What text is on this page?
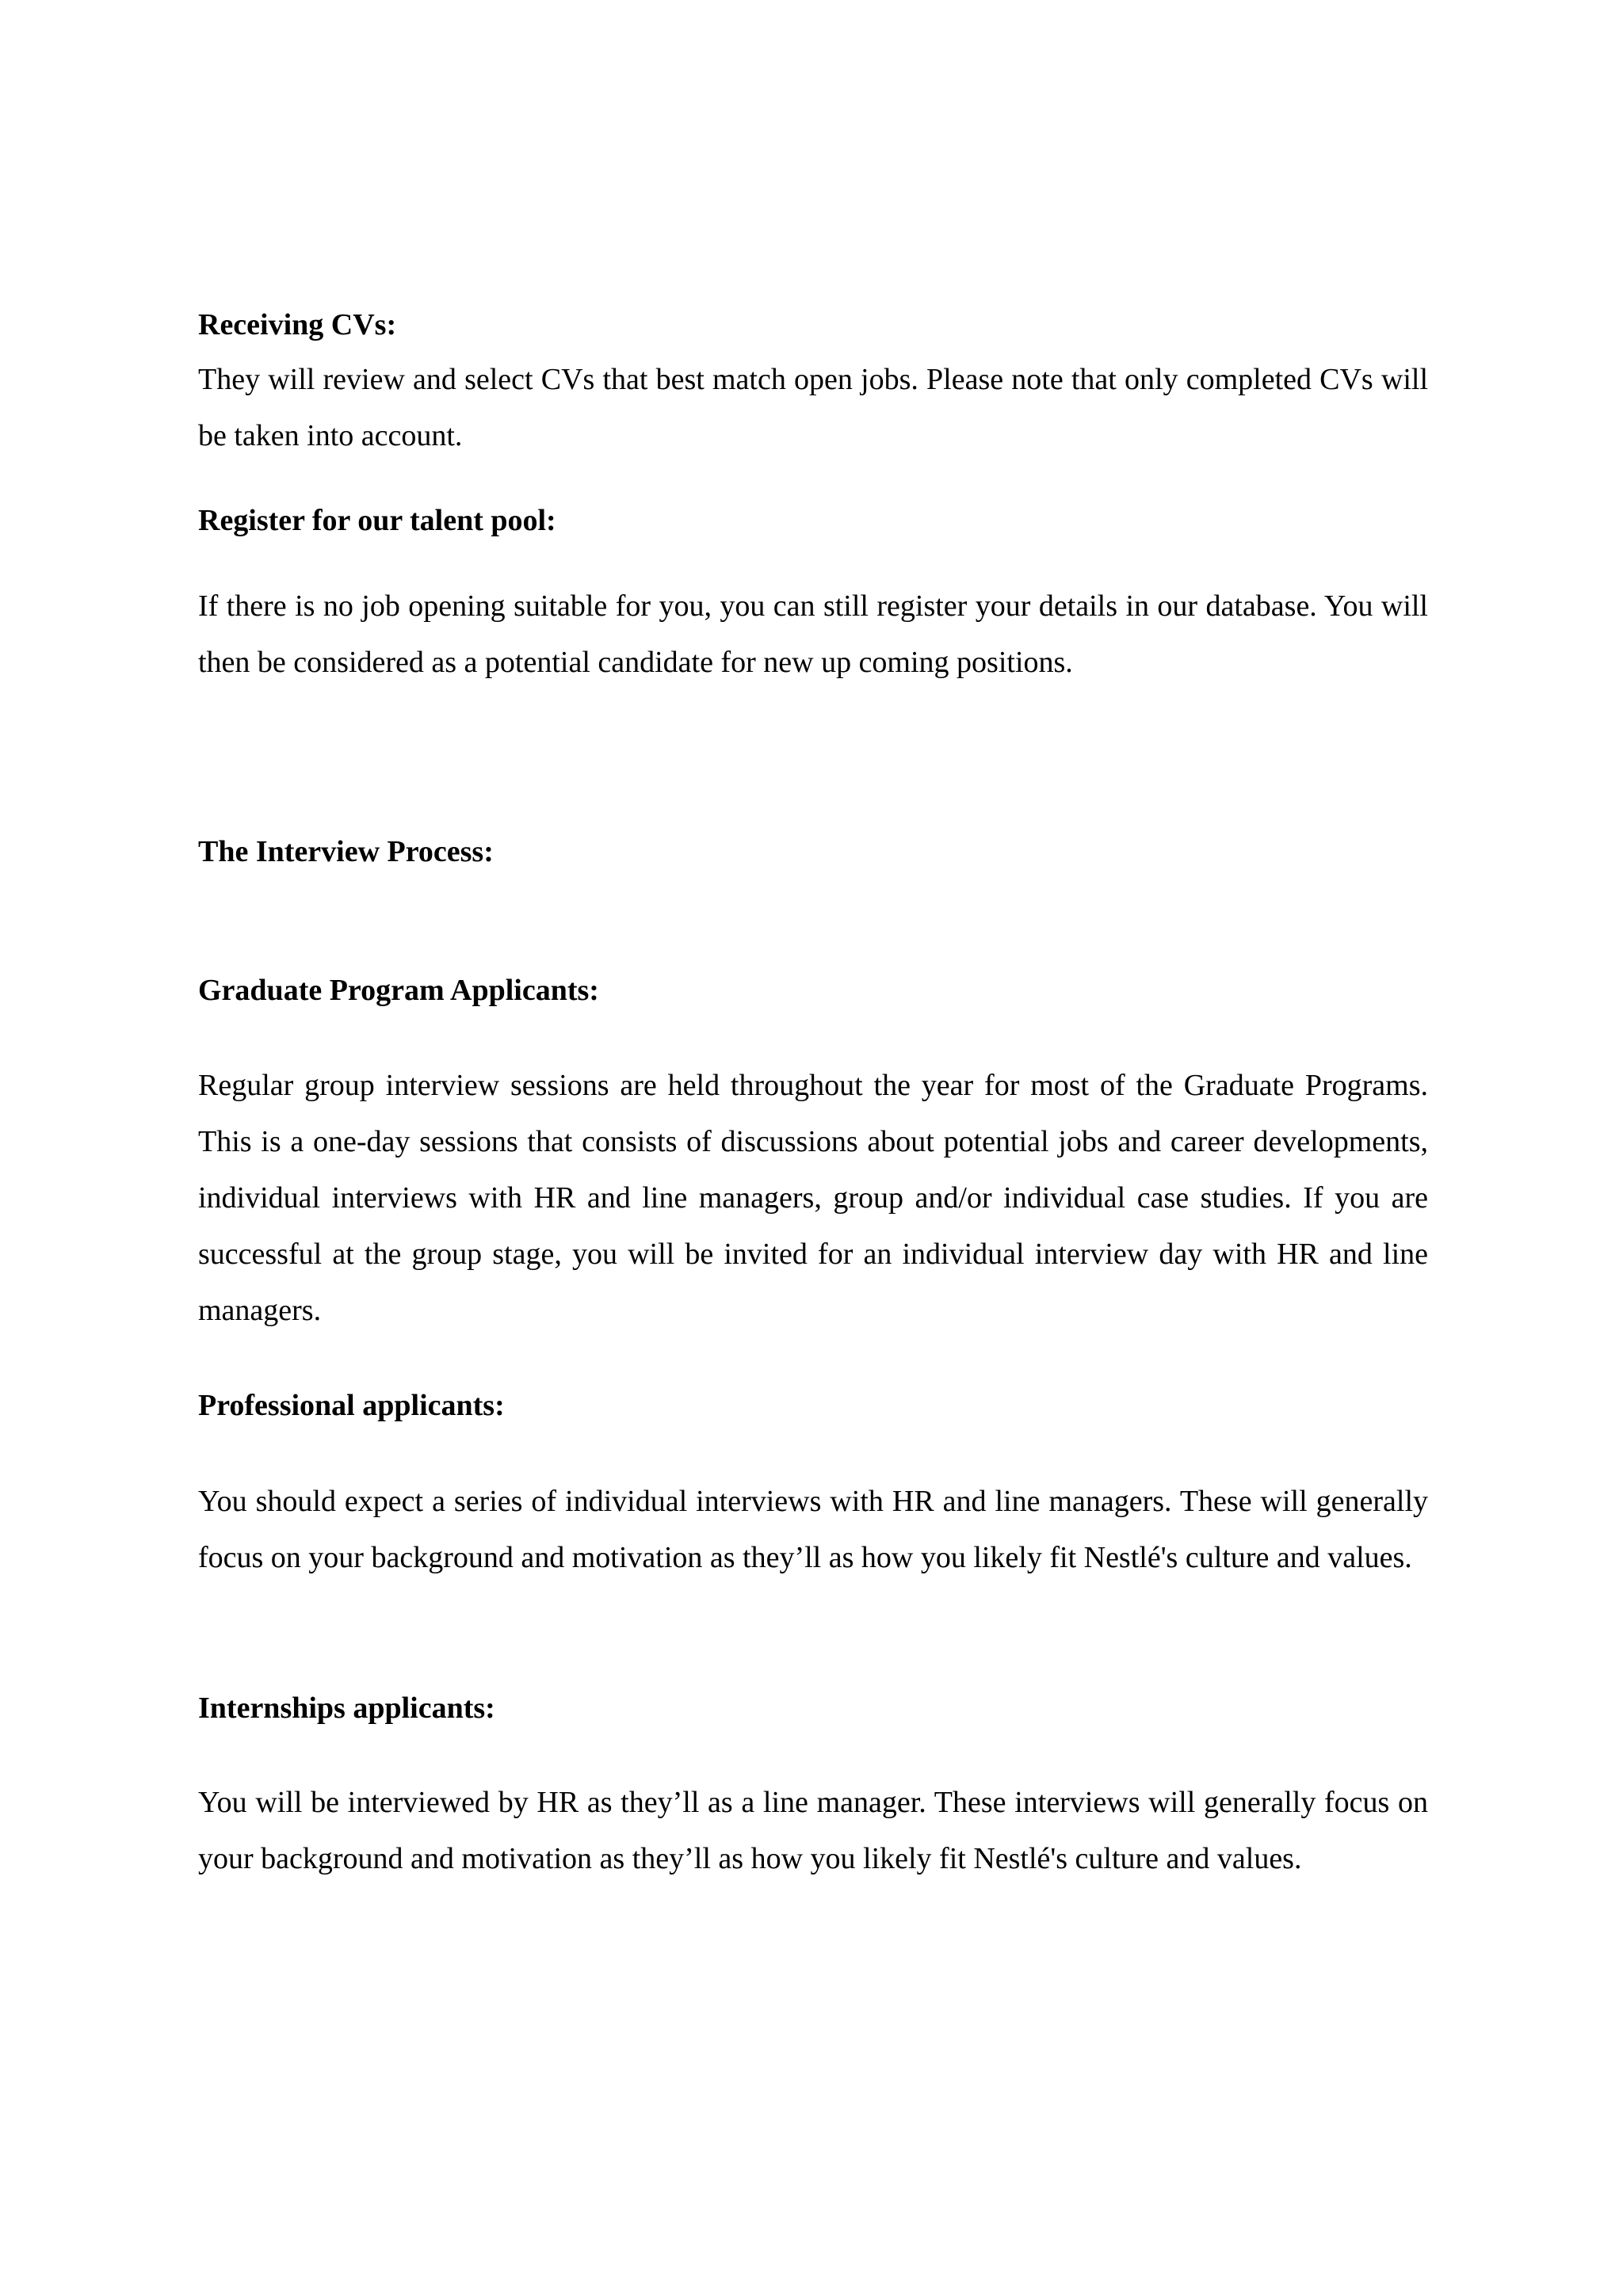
Receiving CVs:

They will review and select CVs that best match open jobs. Please note that only completed CVs will be taken into account.

Register for our talent pool:

If there is no job opening suitable for you, you can still register your details in our database. You will then be considered as a potential candidate for new up coming positions.

The Interview Process:
Graduate Program Applicants:

Regular group interview sessions are held throughout the year for most of the Graduate Programs. This is a one-day sessions that consists of discussions about potential jobs and career developments, individual interviews with HR and line managers, group and/or individual case studies. If you are successful at the group stage, you will be invited for an individual interview day with HR and line managers.

Professional applicants:

You should expect a series of individual interviews with HR and line managers. These will generally focus on your background and motivation as they’ll as how you likely fit Nestlé's culture and values.

Internships applicants:

You will be interviewed by HR as they’ll as a line manager. These interviews will generally focus on your background and motivation as they’ll as how you likely fit Nestlé's culture and values.
